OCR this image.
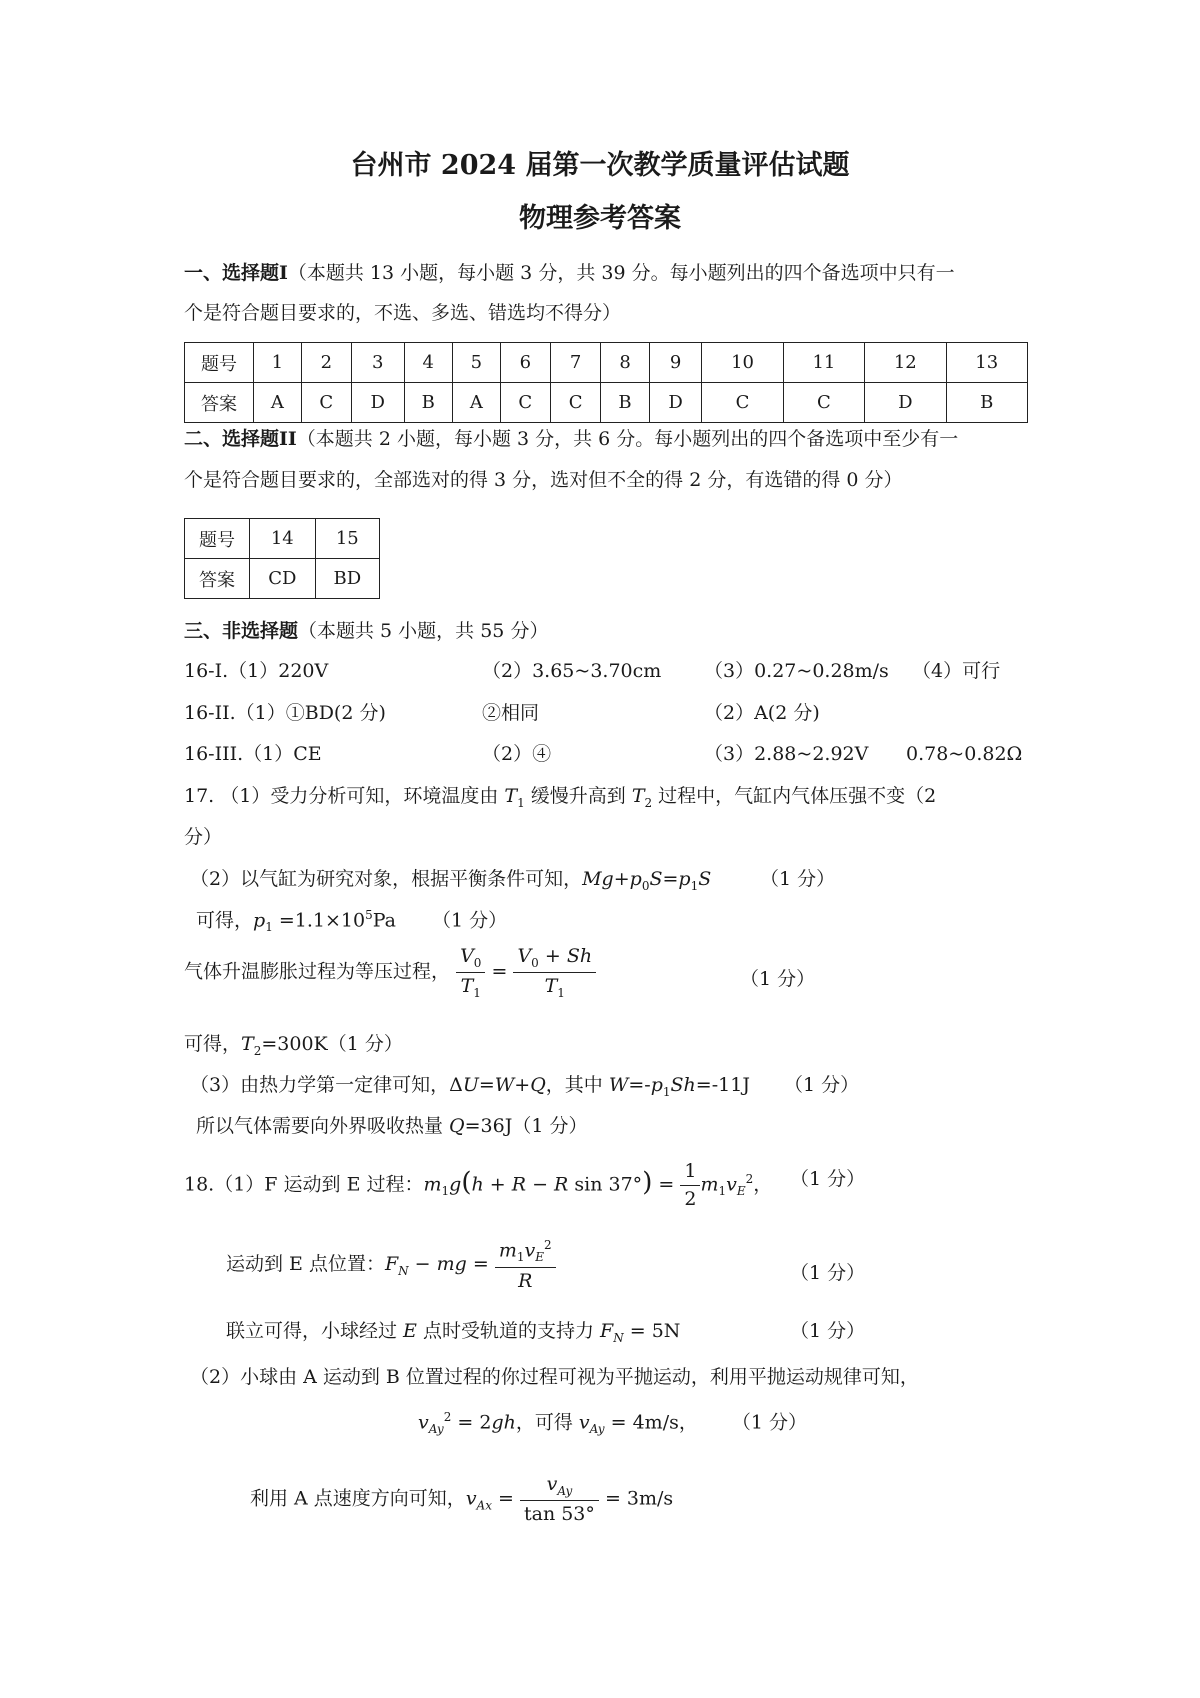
台州市 2024 届第一次教学质量评估试题
物理参考答案
一、选择题I（本题共 13 小题，每小题 3 分，共 39 分。每小题列出的四个备选项中只有一
个是符合题目要求的，不选、多选、错选均不得分）
题号	1	2	3	4	5	6	7	8	9	10	11	12	13
答案	A	C	D	B	A	C	C	B	D	C	C	D	B
二、选择题II（本题共 2 小题，每小题 3 分，共 6 分。每小题列出的四个备选项中至少有一
个是符合题目要求的，全部选对的得 3 分，选对但不全的得 2 分，有选错的得 0 分）
题号	14	15
答案	CD	BD
三、非选择题（本题共 5 小题，共 55 分）
16-I.（1）220V	（2）3.65~3.70cm （3）0.27~0.28m/s （4）可行
16-II.（1）①BD(2 分)	②相同	（2）A(2 分)
16-III.（1）CE	（2）④	（3）2.88~2.92V 0.78~0.82Ω
17. （1）受力分析可知，环境温度由 $T_1$ 缓慢升高到 $T_2$ 过程中，气缸内气体压强不变（2
分）
（2）以气缸为研究对象，根据平衡条件可知，$Mg+p_0S=p_1S$	（1 分）
可得，$p_1 =1.1\times 10^5Pa$ （1 分）
气体升温膨胀过程为等压过程， $\frac{V_0}{T_1} = \frac{V_0 + Sh}{T_1}$	（1 分）
可得，$T_2=300K(1$ 分）
（3）由热力学第一定律可知，ΔU=W+Q，其中 $W=-p_1Sh=-11J$ （1 分）
所以气体需要向外界吸收热量 Q=36J（1 分）
18.（1）F 运动到 E 过程：$m_1g(h + R - R$ $\sin 37^\circ) = \frac{1}{2} m_1v_E^2$， （1 分）
运动到 E 点位置：$F_N$ − mg = $\frac{m_1v_E^2}{R}$	（1 分）
联立可得，小球经过 E 点时受轨道的支持力 $F_N = 5N$	（1 分）
（2）小球由 A 运动到 B 位置过程的你过程可视为平抛运动，利用平抛运动规律可知，
$v_{Ay}^2 = 2gh$，可得 $v_{Ay} = 4m/s$， （1 分）
利用 A 点速度方向可知，$v_{Ax} = \frac{v_{Ay}}{\tan 53^\circ} = 3m/s$
